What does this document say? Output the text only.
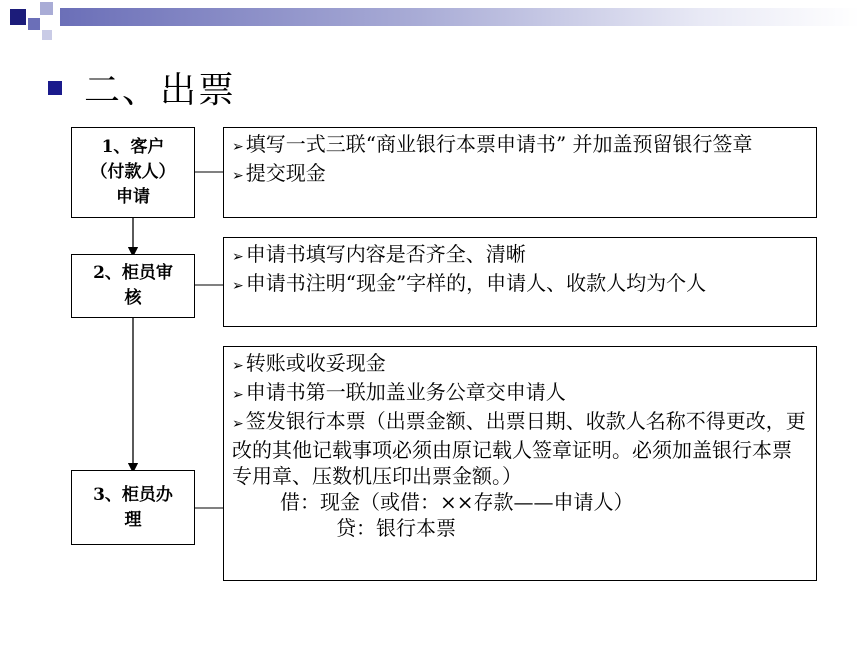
二、出票
1、客户
（付款人）
申请
2、柜员审
核
3、柜员办
理
➢ 填写一式三联“商业银行本票申请书” 并加盖预留银行签章
➢ 提交现金
➢ 申请书填写内容是否齐全、清晰
➢ 申请书注明“现金”字样的，申请人、收款人均为个人
➢ 转账或收妥现金
➢ 申请书第一联加盖业务公章交申请人
➢ 签发银行本票（出票金额、出票日期、收款人名称不得更改，更改的其他记载事项必须由原记载人签章证明。必须加盖银行本票专用章、压数机压印出票金额。）
借：现金（或借：××存款——申请人）
贷：银行本票
